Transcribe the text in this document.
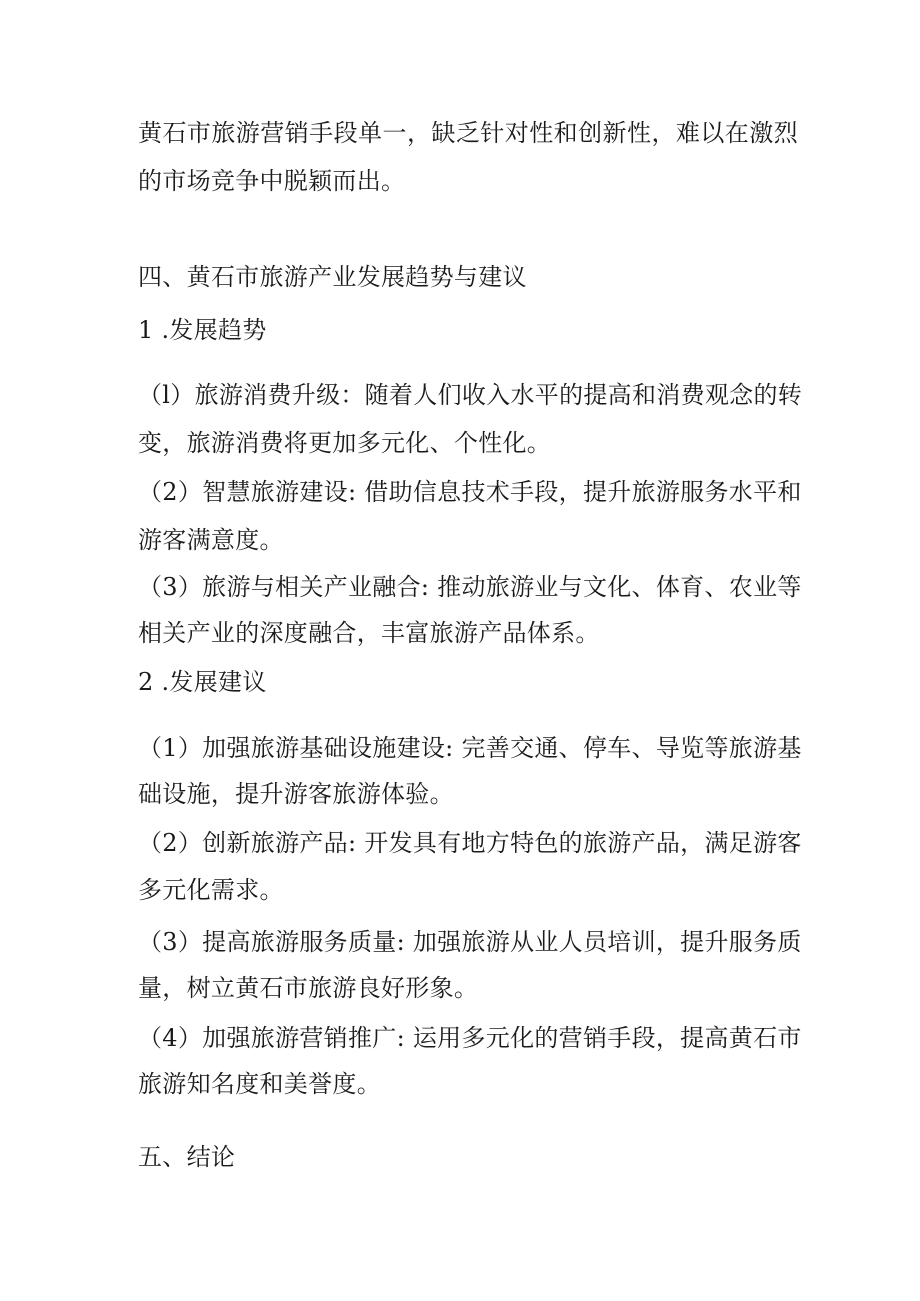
黄石市旅游营销手段单一，缺乏针对性和创新性，难以在激烈
的市场竞争中脱颖而出。
四、黄石市旅游产业发展趋势与建议
1 .发展趋势
（l）旅游消费升级：随着人们收入水平的提高和消费观念的转
变，旅游消费将更加多元化、个性化。
（2）智慧旅游建设: 借助信息技术手段，提升旅游服务水平和
游客满意度。
（3）旅游与相关产业融合: 推动旅游业与文化、体育、农业等
相关产业的深度融合，丰富旅游产品体系。
2 .发展建议
（1）加强旅游基础设施建设: 完善交通、停车、导览等旅游基
础设施，提升游客旅游体验。
（2）创新旅游产品: 开发具有地方特色的旅游产品，满足游客
多元化需求。
（3）提高旅游服务质量: 加强旅游从业人员培训，提升服务质
量，树立黄石市旅游良好形象。
（4）加强旅游营销推广: 运用多元化的营销手段，提高黄石市
旅游知名度和美誉度。
五、结论
